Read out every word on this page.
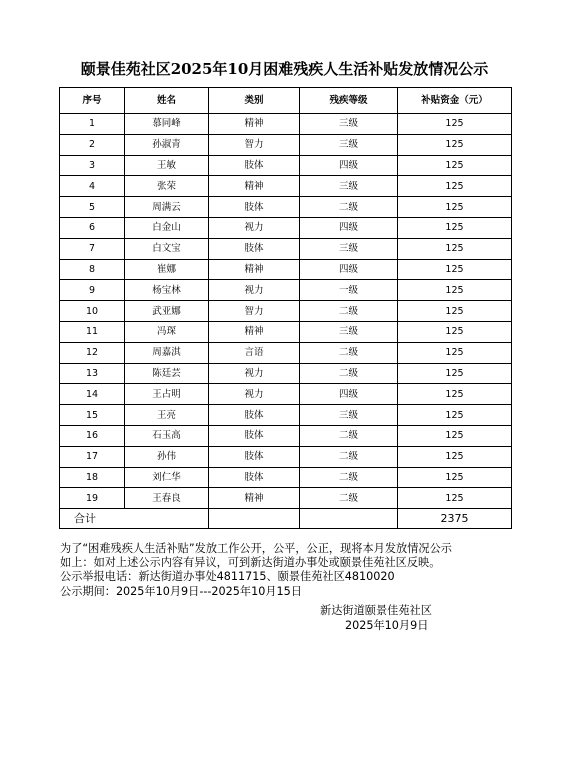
颐景佳苑社区2025年10月困难残疾人生活补贴发放情况公示
序号	姓名	类别	残疾等级	补贴资金（元）
1	慕同峰	精神	三级	125
2	孙淑青	智力	三级	125
3	王敏	肢体	四级	125
4	张荣	精神	三级	125
5	周满云	肢体	二级	125
6	白金山	视力	四级	125
7	白文宝	肢体	三级	125
8	崔娜	精神	四级	125
9	杨宝林	视力	一级	125
10	武亚娜	智力	二级	125
11	冯琛	精神	三级	125
12	周嘉淇	言语	二级	125
13	陈廷芸	视力	二级	125
14	王占明	视力	四级	125
15	王亮	肢体	三级	125
16	石玉高	肢体	二级	125
17	孙伟	肢体	二级	125
18	刘仁华	肢体	二级	125
19	王春良	精神	二级	125
合计				2375
为了“困难残疾人生活补贴”发放工作公开，公平，公正，现将本月发放情况公示
如上：如对上述公示内容有异议，可到新达街道办事处或颐景佳苑社区反映。
公示举报电话：新达街道办事处4811715、颐景佳苑社区4810020
公示期间：2025年10月9日---2025年10月15日
新达街道颐景佳苑社区
2025年10月9日
